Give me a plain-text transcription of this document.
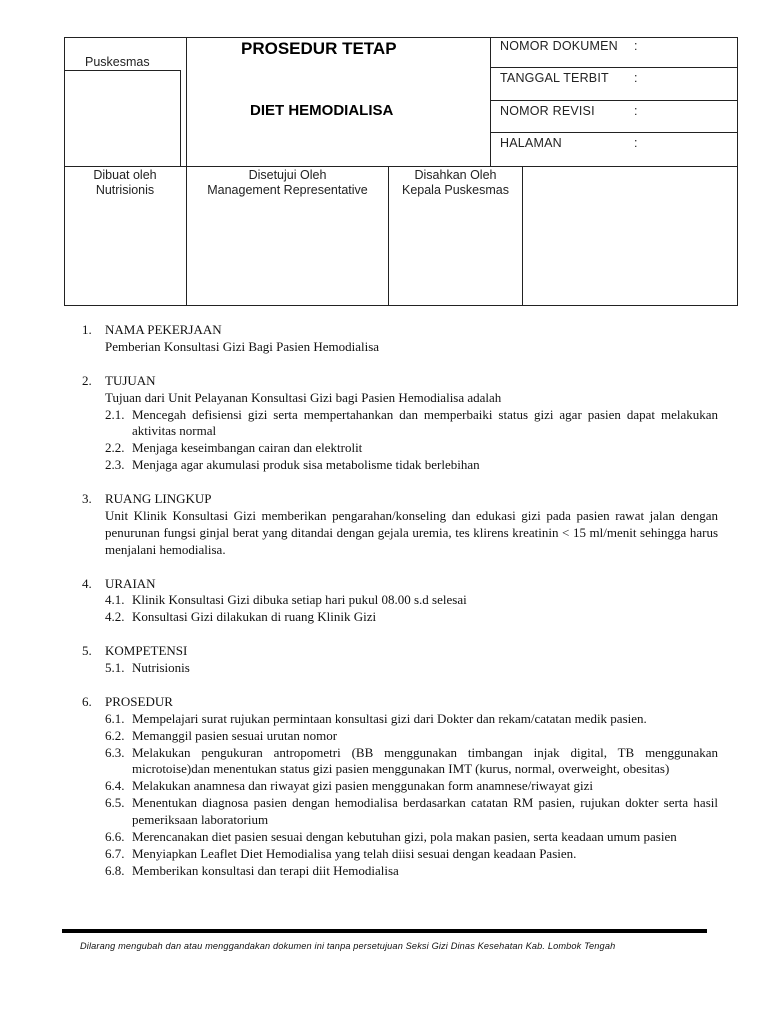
Puskesmas
PROSEDUR TETAP
DIET HEMODIALISA
NOMOR DOKUMEN :
TANGGAL TERBIT :
NOMOR REVISI	:
HALAMAN	:
Dibuat oleh
Nutrisionis
Disetujui Oleh
Management Representative
Disahkan Oleh
Kepala Puskesmas
1. NAMA PEKERJAAN
Pemberian Konsultasi Gizi Bagi Pasien Hemodialisa
2. TUJUAN
Tujuan dari Unit Pelayanan Konsultasi Gizi bagi Pasien Hemodialisa adalah
2.1. Mencegah defisiensi gizi serta mempertahankan dan memperbaiki status gizi agar pasien dapat melakukan aktivitas normal
2.2. Menjaga keseimbangan cairan dan elektrolit
2.3. Menjaga agar akumulasi produk sisa metabolisme tidak berlebihan
3. RUANG LINGKUP
Unit Klinik Konsultasi Gizi memberikan pengarahan/konseling dan edukasi gizi pada pasien rawat jalan dengan penurunan fungsi ginjal berat yang ditandai dengan gejala uremia, tes klirens kreatinin < 15 ml/menit sehingga harus menjalani hemodialisa.
4. URAIAN
4.1. Klinik Konsultasi Gizi dibuka setiap hari pukul 08.00 s.d selesai
4.2. Konsultasi Gizi dilakukan di ruang Klinik Gizi
5. KOMPETENSI
5.1. Nutrisionis
6. PROSEDUR
6.1. Mempelajari surat rujukan permintaan konsultasi gizi dari Dokter dan rekam/catatan medik pasien.
6.2. Memanggil pasien sesuai urutan nomor
6.3. Melakukan pengukuran antropometri (BB menggunakan timbangan injak digital, TB menggunakan microtoise)dan menentukan status gizi pasien menggunakan IMT (kurus, normal, overweight, obesitas)
6.4. Melakukan anamnesa dan riwayat gizi pasien menggunakan form anamnese/riwayat gizi
6.5. Menentukan diagnosa pasien dengan hemodialisa berdasarkan catatan RM pasien, rujukan dokter serta hasil pemeriksaan laboratorium
6.6. Merencanakan diet pasien sesuai dengan kebutuhan gizi, pola makan pasien, serta keadaan umum pasien
6.7. Menyiapkan Leaflet Diet Hemodialisa yang telah diisi sesuai dengan keadaan Pasien.
6.8. Memberikan konsultasi dan terapi diit Hemodialisa
Dilarang mengubah dan atau menggandakan dokumen ini tanpa persetujuan Seksi Gizi Dinas Kesehatan Kab. Lombok Tengah
